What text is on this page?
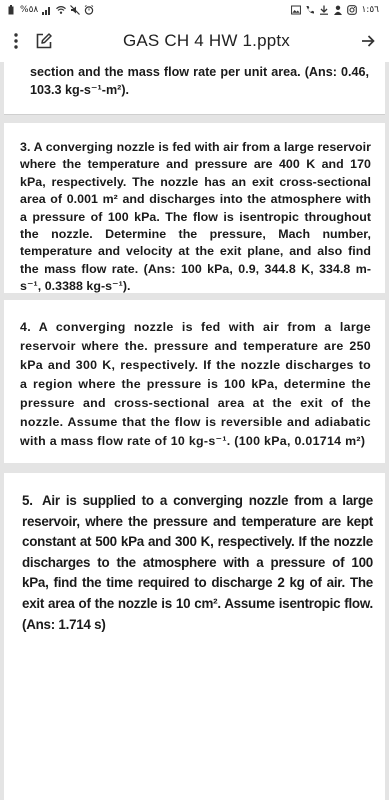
%٥٨	١:٥٦
GAS CH 4 HW 1.pptx

section and the mass flow rate per unit area. (Ans: 0.46, 103.3 kg-s⁻¹-m²).

3. A converging nozzle is fed with air from a large reservoir where the temperature and pressure are 400 K and 170 kPa, respectively. The nozzle has an exit cross-sectional area of 0.001 m² and discharges into the atmosphere with a pressure of 100 kPa. The flow is isentropic throughout the nozzle. Determine the pressure, Mach number, temperature and velocity at the exit plane, and also find the mass flow rate. (Ans: 100 kPa, 0.9, 344.8 K, 334.8 m-s⁻¹, 0.3388 kg-s⁻¹).

4. A converging nozzle is fed with air from a large reservoir where the. pressure and temperature are 250 kPa and 300 K, respectively. If the nozzle discharges to a region where the pressure is 100 kPa, determine the pressure and cross-sectional area at the exit of the nozzle. Assume that the flow is reversible and adiabatic with a mass flow rate of 10 kg-s⁻¹. (100 kPa, 0.01714 m²)

5. Air is supplied to a converging nozzle from a large reservoir, where the pressure and temperature are kept constant at 500 kPa and 300 K, respectively. If the nozzle discharges to the atmosphere with a pressure of 100 kPa, find the time required to discharge 2 kg of air. The exit area of the nozzle is 10 cm². Assume isentropic flow. (Ans: 1.714 s)
